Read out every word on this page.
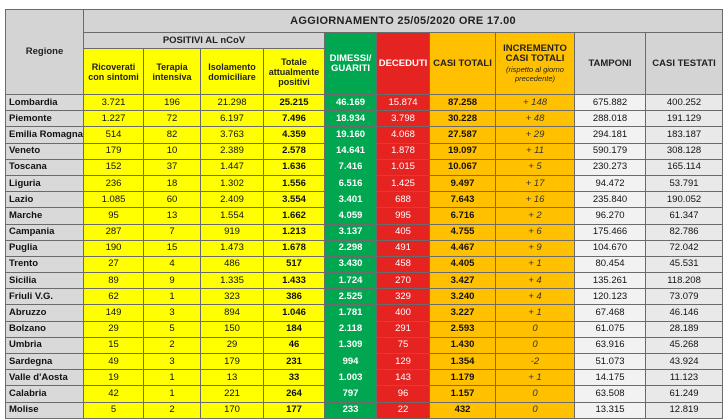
Regione	AGGIORNAMENTO 25/05/2020 ORE 17.00									
	POSITIVI AL nCoV				DIMESSI/ GUARITI	DECEDUTI	CASI TOTALI	INCREMENTO CASI TOTALI
(rispetto al giorno precedente)	TAMPONI	CASI TESTATI
	Ricoverati con sintomi	Terapia intensiva	Isolamento domiciliare	Totale attualmente positivi						
Lombardia	3.721	196	21.298	25.215	46.169	15.874	87.258	+ 148	675.882	400.252
Piemonte	1.227	72	6.197	7.496	18.934	3.798	30.228	+ 48	288.018	191.129
Emilia Romagna	514	82	3.763	4.359	19.160	4.068	27.587	+ 29	294.181	183.187
Veneto	179	10	2.389	2.578	14.641	1.878	19.097	+ 11	590.179	308.128
Toscana	152	37	1.447	1.636	7.416	1.015	10.067	+ 5	230.273	165.114
Liguria	236	18	1.302	1.556	6.516	1.425	9.497	+ 17	94.472	53.791
Lazio	1.085	60	2.409	3.554	3.401	688	7.643	+ 16	235.840	190.052
Marche	95	13	1.554	1.662	4.059	995	6.716	+ 2	96.270	61.347
Campania	287	7	919	1.213	3.137	405	4.755	+ 6	175.466	82.786
Puglia	190	15	1.473	1.678	2.298	491	4.467	+ 9	104.670	72.042
Trento	27	4	486	517	3.430	458	4.405	+ 1	80.454	45.531
Sicilia	89	9	1.335	1.433	1.724	270	3.427	+ 4	135.261	118.208
Friuli V.G.	62	1	323	386	2.525	329	3.240	+ 4	120.123	73.079
Abruzzo	149	3	894	1.046	1.781	400	3.227	+ 1	67.468	46.146
Bolzano	29	5	150	184	2.118	291	2.593	0	61.075	28.189
Umbria	15	2	29	46	1.309	75	1.430	0	63.916	45.268
Sardegna	49	3	179	231	994	129	1.354	-2	51.073	43.924
Valle d'Aosta	19	1	13	33	1.003	143	1.179	+ 1	14.175	11.123
Calabria	42	1	221	264	797	96	1.157	0	63.508	61.249
Molise	5	2	170	177	233	22	432	0	13.315	12.819
